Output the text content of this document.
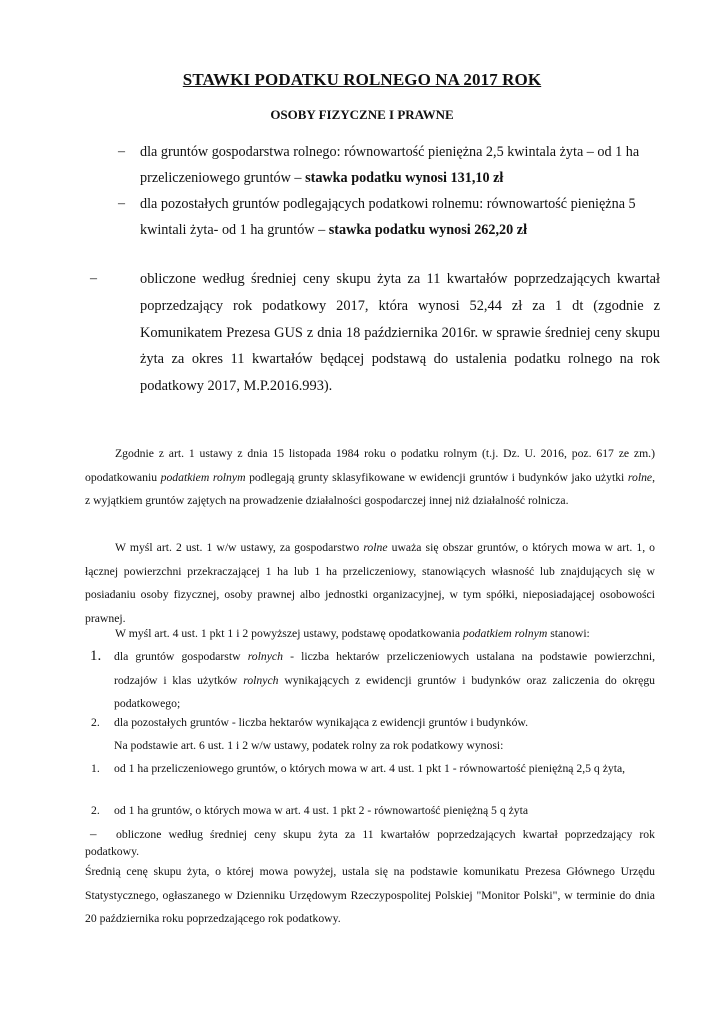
STAWKI PODATKU ROLNEGO NA 2017 ROK
OSOBY FIZYCZNE I PRAWNE
– dla gruntów gospodarstwa rolnego: równowartość pieniężna 2,5 kwintala żyta – od 1 ha przeliczeniowego gruntów – stawka podatku wynosi 131,10 zł
– dla pozostałych gruntów podlegających podatkowi rolnemu: równowartość pieniężna 5 kwintali żyta- od 1 ha gruntów – stawka podatku wynosi 262,20 zł
–	obliczone według średniej ceny skupu żyta za 11 kwartałów poprzedzających kwartał poprzedzający rok podatkowy 2017, która wynosi 52,44 zł za 1 dt (zgodnie z Komunikatem Prezesa GUS z dnia 18 października 2016r. w sprawie średniej ceny skupu żyta za okres 11 kwartałów będącej podstawą do ustalenia podatku rolnego na rok podatkowy 2017, M.P.2016.993).
Zgodnie z art. 1 ustawy z dnia 15 listopada 1984 roku o podatku rolnym (t.j. Dz. U. 2016, poz. 617 ze zm.) opodatkowaniu podatkiem rolnym podlegają grunty sklasyfikowane w ewidencji gruntów i budynków jako użytki rolne, z wyjątkiem gruntów zajętych na prowadzenie działalności gospodarczej innej niż działalność rolnicza.
W myśl art. 2 ust. 1 w/w ustawy, za gospodarstwo rolne uważa się obszar gruntów, o których mowa w art. 1, o łącznej powierzchni przekraczającej 1 ha lub 1 ha przeliczeniowy, stanowiących własność lub znajdujących się w posiadaniu osoby fizycznej, osoby prawnej albo jednostki organizacyjnej, w tym spółki, nieposiadającej osobowości prawnej.
W myśl art. 4 ust. 1 pkt 1 i 2 powyższej ustawy, podstawę opodatkowania podatkiem rolnym stanowi:
1. dla gruntów gospodarstw rolnych - liczba hektarów przeliczeniowych ustalana na podstawie powierzchni, rodzajów i klas użytków rolnych wynikających z ewidencji gruntów i budynków oraz zaliczenia do okręgu podatkowego;
2. dla pozostałych gruntów - liczba hektarów wynikająca z ewidencji gruntów i budynków.
Na podstawie art. 6 ust. 1 i 2 w/w ustawy, podatek rolny za rok podatkowy wynosi:
1. od 1 ha przeliczeniowego gruntów, o których mowa w art. 4 ust. 1 pkt 1 - równowartość pieniężną 2,5 q żyta,
2. od 1 ha gruntów, o których mowa w art. 4 ust. 1 pkt 2 - równowartość pieniężną 5 q żyta
–	obliczone według średniej ceny skupu żyta za 11 kwartałów poprzedzających kwartał poprzedzający rok podatkowy.
Średnią cenę skupu żyta, o której mowa powyżej, ustala się na podstawie komunikatu Prezesa Głównego Urzędu Statystycznego, ogłaszanego w Dzienniku Urzędowym Rzeczypospolitej Polskiej "Monitor Polski", w terminie do dnia 20 października roku poprzedzającego rok podatkowy.
